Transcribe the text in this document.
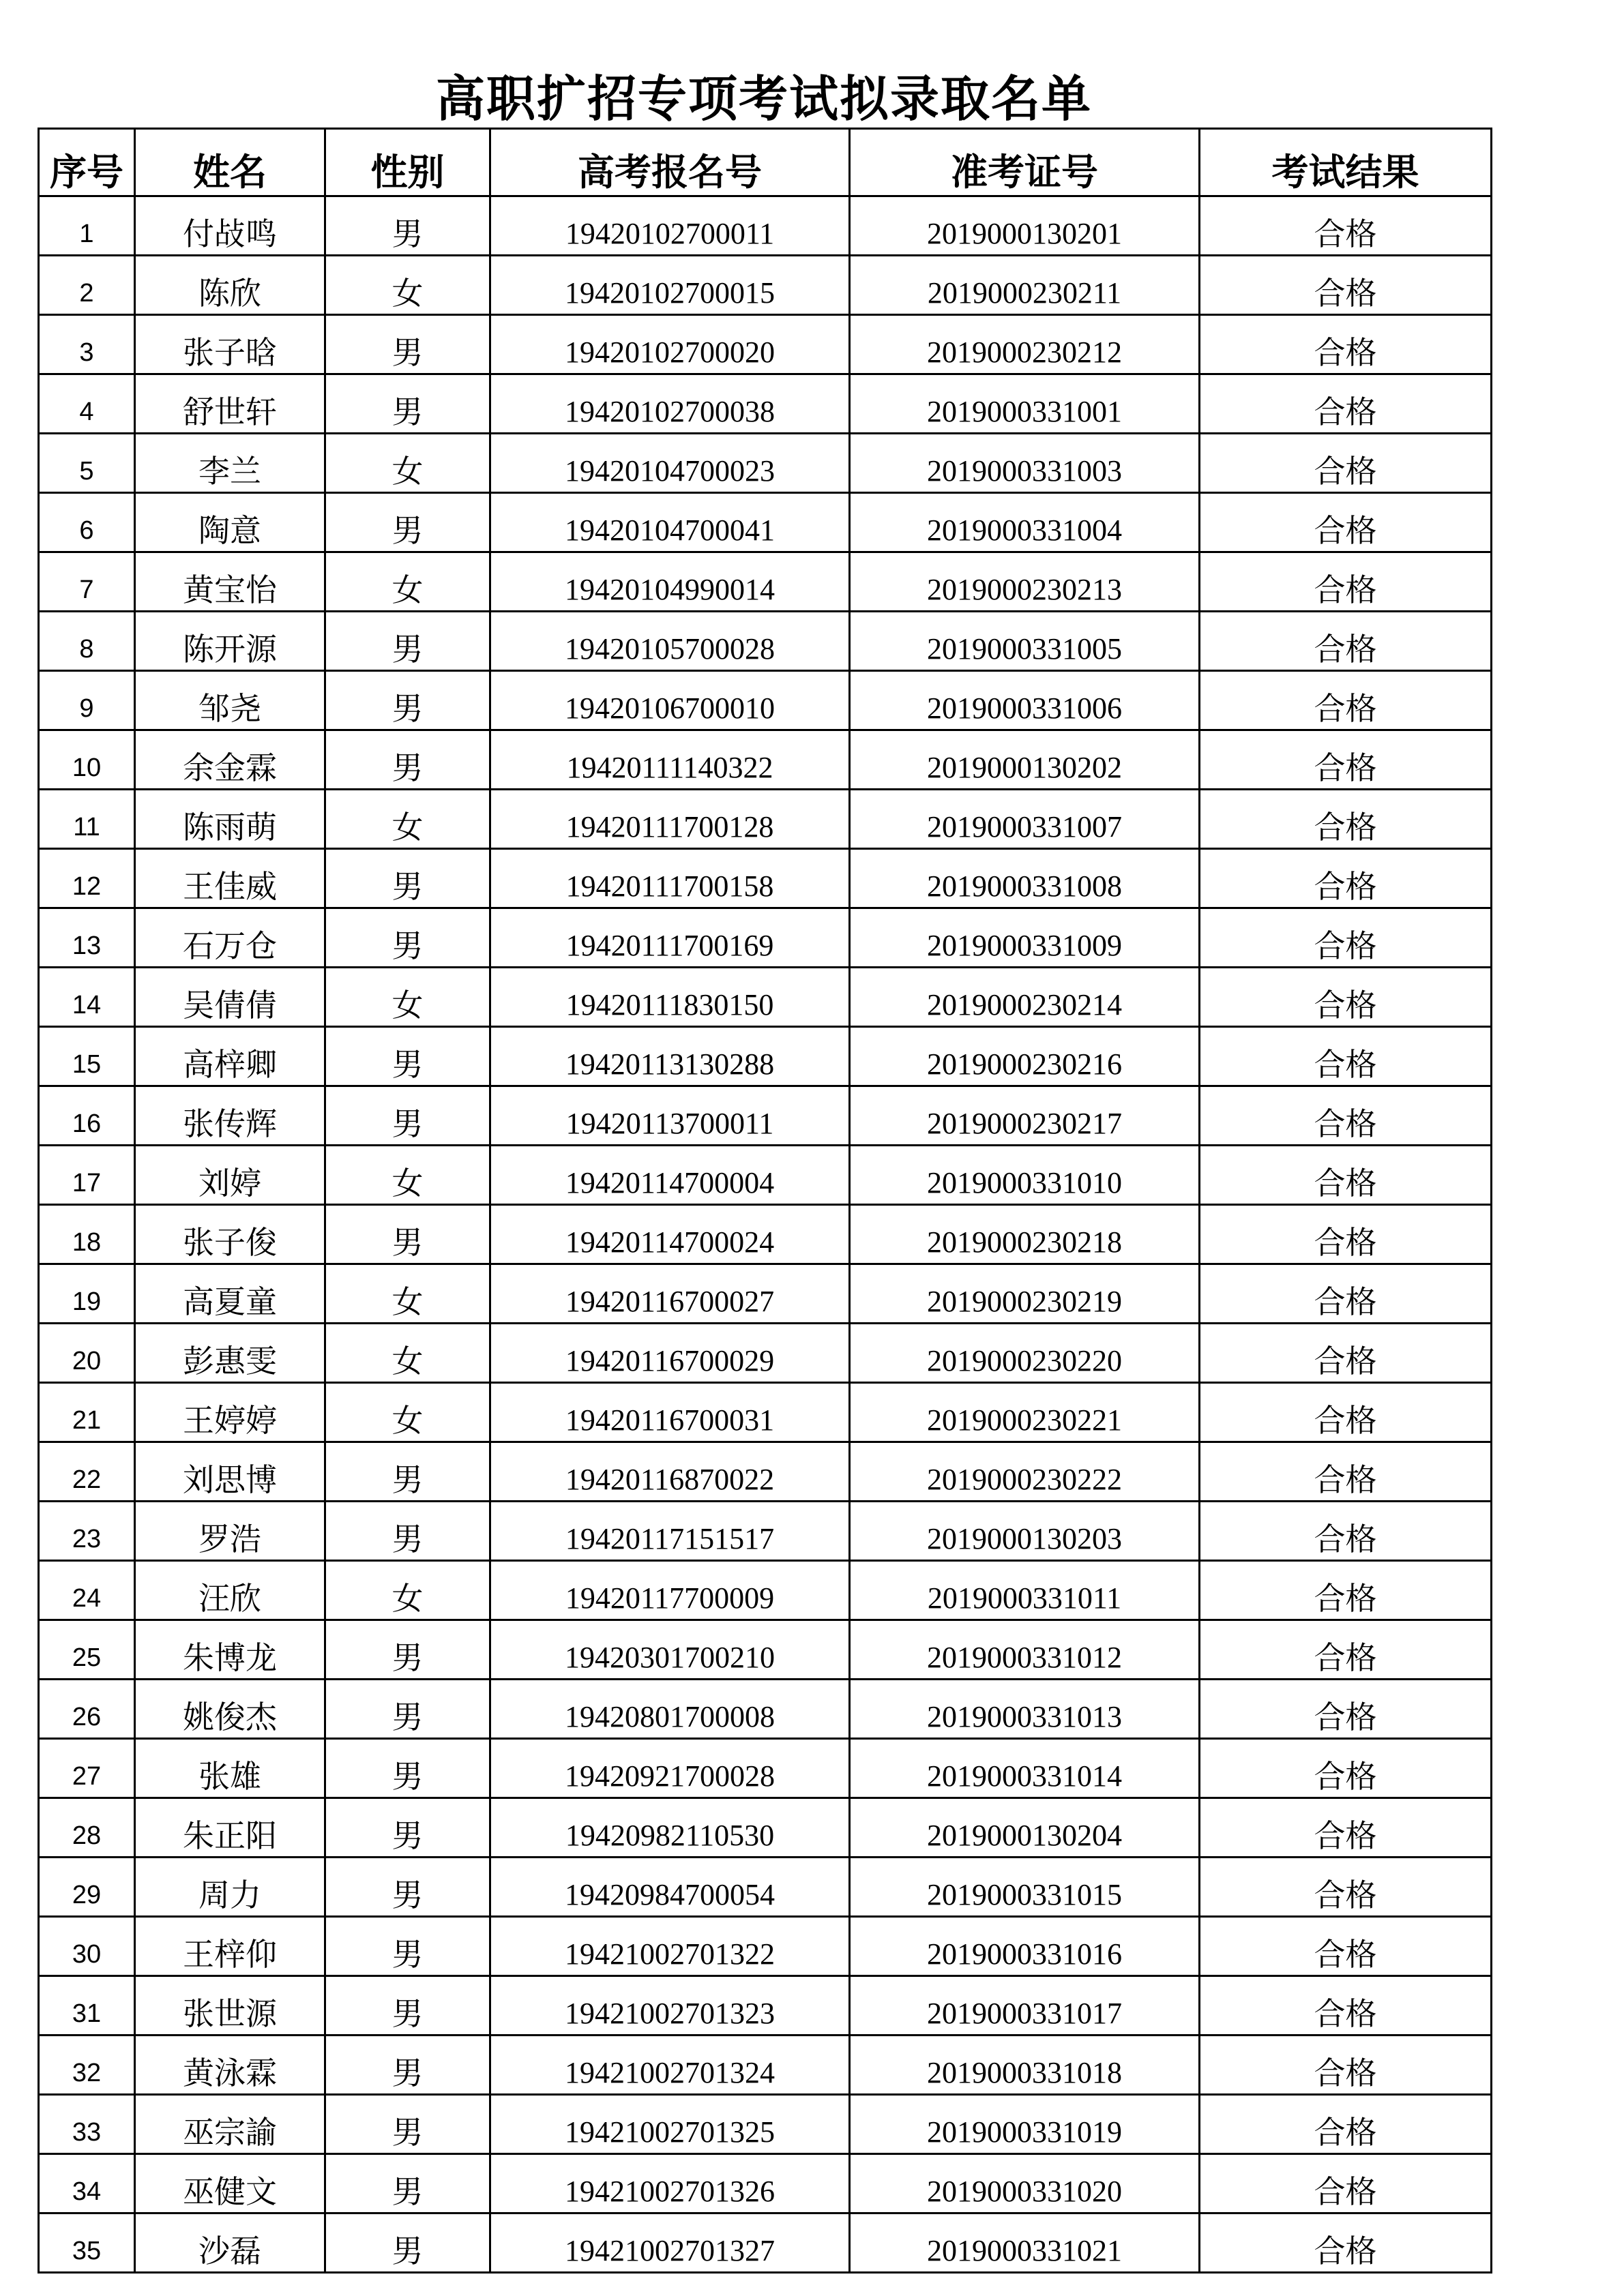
高职扩招专项考试拟录取名单
序号	姓名	性别	高考报名号	准考证号	考试结果
1	付敁鸣	男	19420102700011	2019000130201	合格
2	陈欣	女	19420102700015	2019000230211	合格
3	张子晗	男	19420102700020	2019000230212	合格
4	舒世轩	男	19420102700038	2019000331001	合格
5	李兰	女	19420104700023	2019000331003	合格
6	陶意	男	19420104700041	2019000331004	合格
7	黄宝怡	女	19420104990014	2019000230213	合格
8	陈开源	男	19420105700028	2019000331005	合格
9	邹尧	男	19420106700010	2019000331006	合格
10	余金霖	男	19420111140322	2019000130202	合格
11	陈雨萌	女	19420111700128	2019000331007	合格
12	王佳威	男	19420111700158	2019000331008	合格
13	石万仓	男	19420111700169	2019000331009	合格
14	吴倩倩	女	19420111830150	2019000230214	合格
15	高梓卿	男	19420113130288	2019000230216	合格
16	张传辉	男	19420113700011	2019000230217	合格
17	刘婷	女	19420114700004	2019000331010	合格
18	张子俊	男	19420114700024	2019000230218	合格
19	高夏童	女	19420116700027	2019000230219	合格
20	彭惠雯	女	19420116700029	2019000230220	合格
21	王婷婷	女	19420116700031	2019000230221	合格
22	刘思博	男	19420116870022	2019000230222	合格
23	罗浩	男	19420117151517	2019000130203	合格
24	汪欣	女	19420117700009	2019000331011	合格
25	朱博龙	男	19420301700210	2019000331012	合格
26	姚俊杰	男	19420801700008	2019000331013	合格
27	张雄	男	19420921700028	2019000331014	合格
28	朱正阳	男	19420982110530	2019000130204	合格
29	周力	男	19420984700054	2019000331015	合格
30	王梓仰	男	19421002701322	2019000331016	合格
31	张世源	男	19421002701323	2019000331017	合格
32	黄泳霖	男	19421002701324	2019000331018	合格
33	巫宗諭	男	19421002701325	2019000331019	合格
34	巫健文	男	19421002701326	2019000331020	合格
35	沙磊	男	19421002701327	2019000331021	合格
